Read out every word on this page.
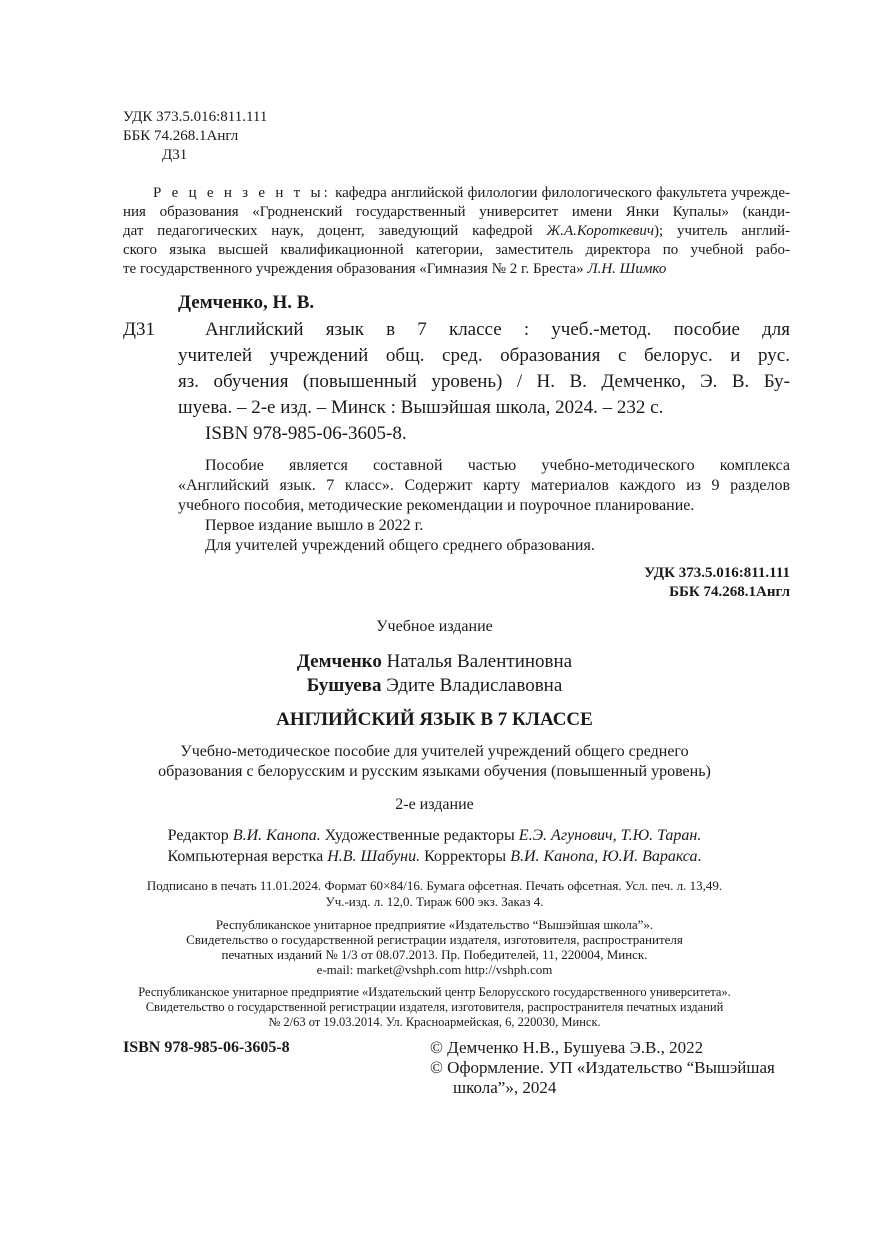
УДК 373.5.016:811.111
ББК 74.268.1Англ
Д31
Р е ц е н з е н т ы: кафедра английской филологии филологического факультета учрежде-
ния образования «Гродненский государственный университет имени Янки Купалы» (канди-
дат педагогических наук, доцент, заведующий кафедрой Ж.А.Короткевич); учитель англий-
ского языка высшей квалификационной категории, заместитель директора по учебной рабо-
те государственного учреждения образования «Гимназия № 2 г. Бреста» Л.Н. Шимко
Демченко, Н. В.
Д31	Английский язык в 7 классе : учеб.-метод. пособие для
учителей учреждений общ. сред. образования с белорус. и рус.
яз. обучения (повышенный уровень) / Н. В. Демченко, Э. В. Бу-
шуева. – 2-е изд. – Минск : Вышэйшая школа, 2024. – 232 с.
ISBN 978-985-06-3605-8.
Пособие является составной частью учебно-методического комплекса
«Английский язык. 7 класс». Содержит карту материалов каждого из 9 разделов
учебного пособия, методические рекомендации и поурочное планирование.
Первое издание вышло в 2022 г.
Для учителей учреждений общего среднего образования.
УДК 373.5.016:811.111
ББК 74.268.1Англ
Учебное издание
Демченко Наталья Валентиновна
Бушуева Эдите Владиславовна
АНГЛИЙСКИЙ ЯЗЫК В 7 КЛАССЕ
Учебно-методическое пособие для учителей учреждений общего среднего
образования с белорусским и русским языками обучения (повышенный уровень)
2-е издание
Редактор В.И. Канопа. Художественные редакторы Е.Э. Агунович, Т.Ю. Таран.
Компьютерная верстка Н.В. Шабуни. Корректоры В.И. Канопа, Ю.И. Варакса.
Подписано в печать 11.01.2024. Формат 60×84/16. Бумага офсетная. Печать офсетная. Усл. печ. л. 13,49.
Уч.-изд. л. 12,0. Тираж 600 экз. Заказ 4.
Республиканское унитарное предприятие «Издательство “Вышэйшая школа”».
Свидетельство о государственной регистрации издателя, изготовителя, распространителя
печатных изданий № 1/3 от 08.07.2013. Пр. Победителей, 11, 220004, Минск.
e-mail: market@vshph.com http://vshph.com
Республиканское унитарное предприятие «Издательский центр Белорусского государственного университета».
Свидетельство о государственной регистрации издателя, изготовителя, распространителя печатных изданий
№ 2/63 от 19.03.2014. Ул. Красноармейская, 6, 220030, Минск.
ISBN 978-985-06-3605-8	© Демченко Н.В., Бушуева Э.В., 2022
© Оформление. УП «Издательство “Вышэйшая
школа”», 2024
